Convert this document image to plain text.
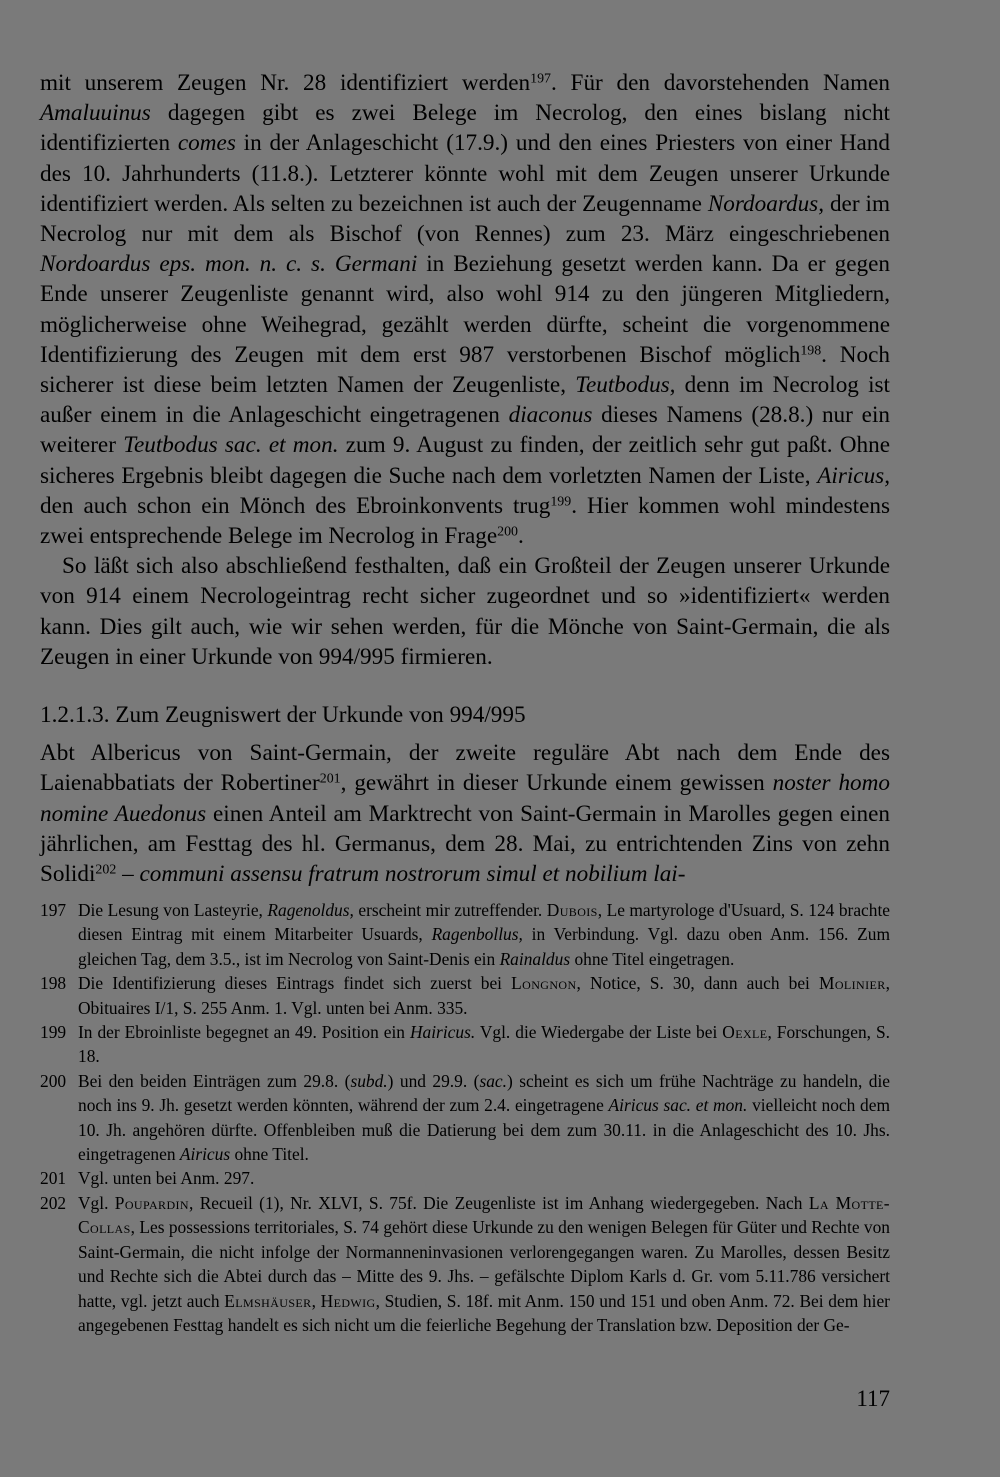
mit unserem Zeugen Nr. 28 identifiziert werden$^{197}$. Für den davorstehenden Namen Amaluuinus dagegen gibt es zwei Belege im Necrolog, den eines bislang nicht identifizierten comes in der Anlageschicht (17.9.) und den eines Priesters von einer Hand des 10. Jahrhunderts (11.8.). Letzterer könnte wohl mit dem Zeugen unserer Urkunde identifiziert werden. Als selten zu bezeichnen ist auch der Zeugenname Nordoardus, der im Necrolog nur mit dem als Bischof (von Rennes) zum 23. März eingeschriebenen Nordoardus eps. mon. n. c. s. Germani in Beziehung gesetzt werden kann. Da er gegen Ende unserer Zeugenliste genannt wird, also wohl 914 zu den jüngeren Mitgliedern, möglicherweise ohne Weihegrad, gezählt werden dürfte, scheint die vorgenommene Identifizierung des Zeugen mit dem erst 987 verstorbenen Bischof möglich$^{198}$. Noch sicherer ist diese beim letzten Namen der Zeugenliste, Teutbodus, denn im Necrolog ist außer einem in die Anlageschicht eingetragenen diaconus dieses Namens (28.8.) nur ein weiterer Teutbodus sac. et mon. zum 9. August zu finden, der zeitlich sehr gut paßt. Ohne sicheres Ergebnis bleibt dagegen die Suche nach dem vorletzten Namen der Liste, Airicus, den auch schon ein Mönch des Ebroinkonvents trug$^{199}$. Hier kommen wohl mindestens zwei entsprechende Belege im Necrolog in Frage$^{200}$.

So läßt sich also abschließend festhalten, daß ein Großteil der Zeugen unserer Urkunde von 914 einem Necrologeintrag recht sicher zugeordnet und so »identifiziert« werden kann. Dies gilt auch, wie wir sehen werden, für die Mönche von Saint-Germain, die als Zeugen in einer Urkunde von 994/995 firmieren.

1.2.1.3. Zum Zeugniswert der Urkunde von 994/995

Abt Albericus von Saint-Germain, der zweite reguläre Abt nach dem Ende des Laienabbatiats der Robertiner$^{201}$, gewährt in dieser Urkunde einem gewissen noster homo nomine Auedonus einen Anteil am Marktrecht von Saint-Germain in Marolles gegen einen jährlichen, am Festtag des hl. Germanus, dem 28. Mai, zu entrichtenden Zins von zehn Solidi$^{202}$ – communi assensu fratrum nostrorum simul et nobilium lai-

197 Die Lesung von Lasteyrie, Ragenoldus, erscheint mir zutreffender. Dubois, Le martyrologe d'Usuard, S. 124 brachte diesen Eintrag mit einem Mitarbeiter Usuards, Ragenbollus, in Verbindung. Vgl. dazu oben Anm. 156. Zum gleichen Tag, dem 3.5., ist im Necrolog von Saint-Denis ein Rainaldus ohne Titel eingetragen.
198 Die Identifizierung dieses Eintrags findet sich zuerst bei Longnon, Notice, S. 30, dann auch bei Molinier, Obituaires I/1, S. 255 Anm. 1. Vgl. unten bei Anm. 335.
199 In der Ebroinliste begegnet an 49. Position ein Hairicus. Vgl. die Wiedergabe der Liste bei Oexle, Forschungen, S. 18.
200 Bei den beiden Einträgen zum 29.8. (subd.) und 29.9. (sac.) scheint es sich um frühe Nachträge zu handeln, die noch ins 9. Jh. gesetzt werden könnten, während der zum 2.4. eingetragene Airicus sac. et mon. vielleicht noch dem 10. Jh. angehören dürfte. Offenbleiben muß die Datierung bei dem zum 30.11. in die Anlageschicht des 10. Jhs. eingetragenen Airicus ohne Titel.
201 Vgl. unten bei Anm. 297.
202 Vgl. Poupardin, Recueil (1), Nr. XLVI, S. 75f. Die Zeugenliste ist im Anhang wiedergegeben. Nach La Motte-Collas, Les possessions territoriales, S. 74 gehört diese Urkunde zu den wenigen Belegen für Güter und Rechte von Saint-Germain, die nicht infolge der Normanneninvasionen verlorengegangen waren. Zu Marolles, dessen Besitz und Rechte sich die Abtei durch das – Mitte des 9. Jhs. – gefälschte Diplom Karls d. Gr. vom 5.11.786 versichert hatte, vgl. jetzt auch Elmshäuser, Hedwig, Studien, S. 18f. mit Anm. 150 und 151 und oben Anm. 72. Bei dem hier angegebenen Festtag handelt es sich nicht um die feierliche Begehung der Translation bzw. Deposition der Ge-
117
